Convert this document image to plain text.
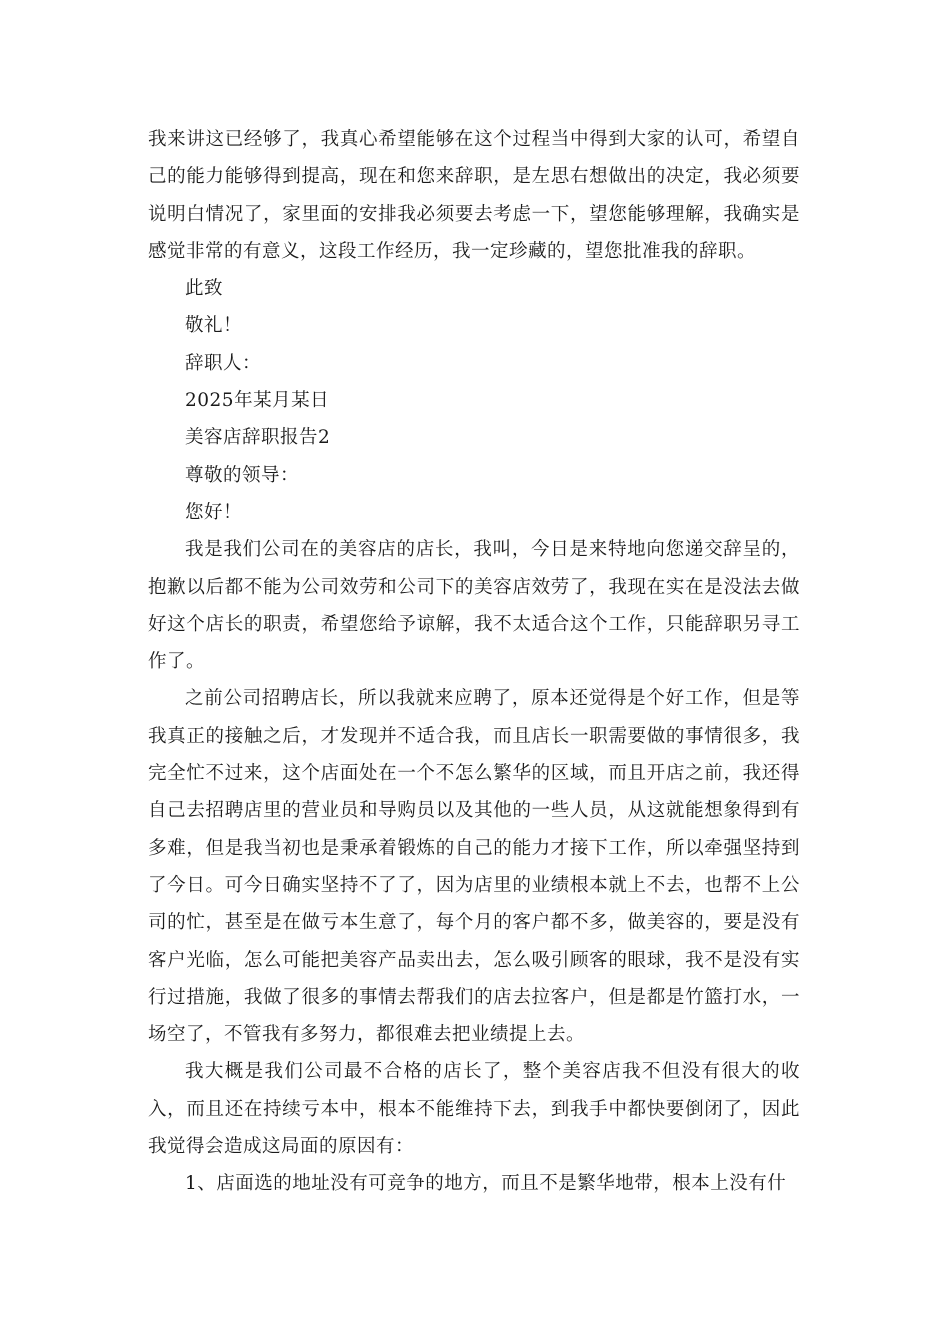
我来讲这已经够了，我真心希望能够在这个过程当中得到大家的认可，希望自己的能力能够得到提高，现在和您来辞职，是左思右想做出的决定，我必须要说明白情况了，家里面的安排我必须要去考虑一下，望您能够理解，我确实是感觉非常的有意义，这段工作经历，我一定珍藏的，望您批准我的辞职。

此致

敬礼！

辞职人：

2025年某月某日

美容店辞职报告2

尊敬的领导：

您好！

我是我们公司在的美容店的店长，我叫，今日是来特地向您递交辞呈的，抱歉以后都不能为公司效劳和公司下的美容店效劳了，我现在实在是没法去做好这个店长的职责，希望您给予谅解，我不太适合这个工作，只能辞职另寻工作了。

之前公司招聘店长，所以我就来应聘了，原本还觉得是个好工作，但是等我真正的接触之后，才发现并不适合我，而且店长一职需要做的事情很多，我完全忙不过来，这个店面处在一个不怎么繁华的区域，而且开店之前，我还得自己去招聘店里的营业员和导购员以及其他的一些人员，从这就能想象得到有多难，但是我当初也是秉承着锻炼的自己的能力才接下工作，所以牵强坚持到了今日。可今日确实坚持不了了，因为店里的业绩根本就上不去，也帮不上公司的忙，甚至是在做亏本生意了，每个月的客户都不多，做美容的，要是没有客户光临，怎么可能把美容产品卖出去，怎么吸引顾客的眼球，我不是没有实行过措施，我做了很多的事情去帮我们的店去拉客户，但是都是竹篮打水，一场空了，不管我有多努力，都很难去把业绩提上去。

我大概是我们公司最不合格的店长了，整个美容店我不但没有很大的收入，而且还在持续亏本中，根本不能维持下去，到我手中都快要倒闭了，因此我觉得会造成这局面的原因有：

1、店面选的地址没有可竞争的地方，而且不是繁华地带，根本上没有什
